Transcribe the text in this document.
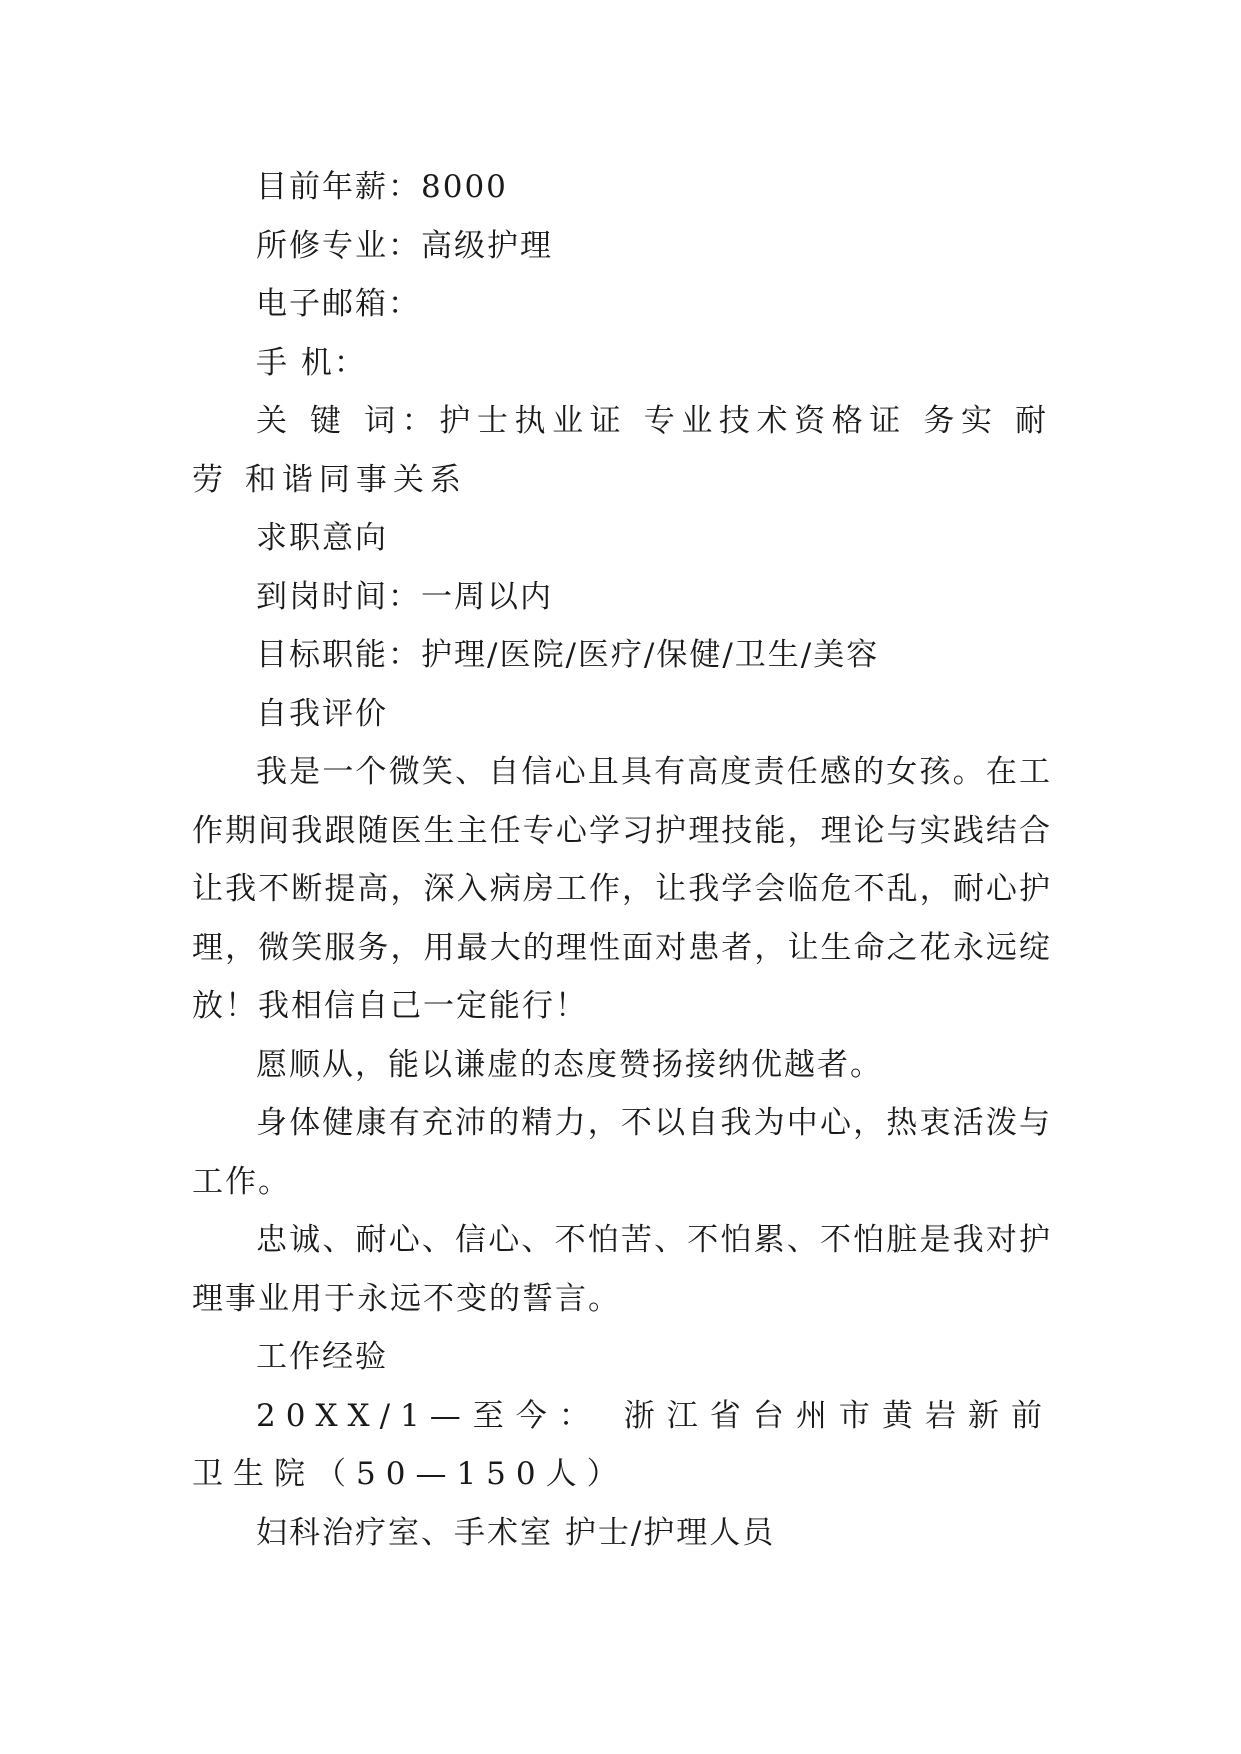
目前年薪：8000

所修专业：高级护理

电子邮箱：

手 机：

关 键 词：护士执业证 专业技术资格证 务实 耐劳 和谐同事关系

求职意向

到岗时间：一周以内

目标职能：护理/医院/医疗/保健/卫生/美容

自我评价

我是一个微笑、自信心且具有高度责任感的女孩。在工作期间我跟随医生主任专心学习护理技能，理论与实践结合让我不断提高，深入病房工作，让我学会临危不乱，耐心护理，微笑服务，用最大的理性面对患者，让生命之花永远绽放！我相信自己一定能行！

愿顺从，能以谦虚的态度赞扬接纳优越者。

身体健康有充沛的精力，不以自我为中心，热衷活泼与工作。

忠诚、耐心、信心、不怕苦、不怕累、不怕脏是我对护理事业用于永远不变的誓言。

工作经验

20XX/1—至今： 浙江省台州市黄岩新前卫生院（50—150人）

妇科治疗室、手术室 护士/护理人员
